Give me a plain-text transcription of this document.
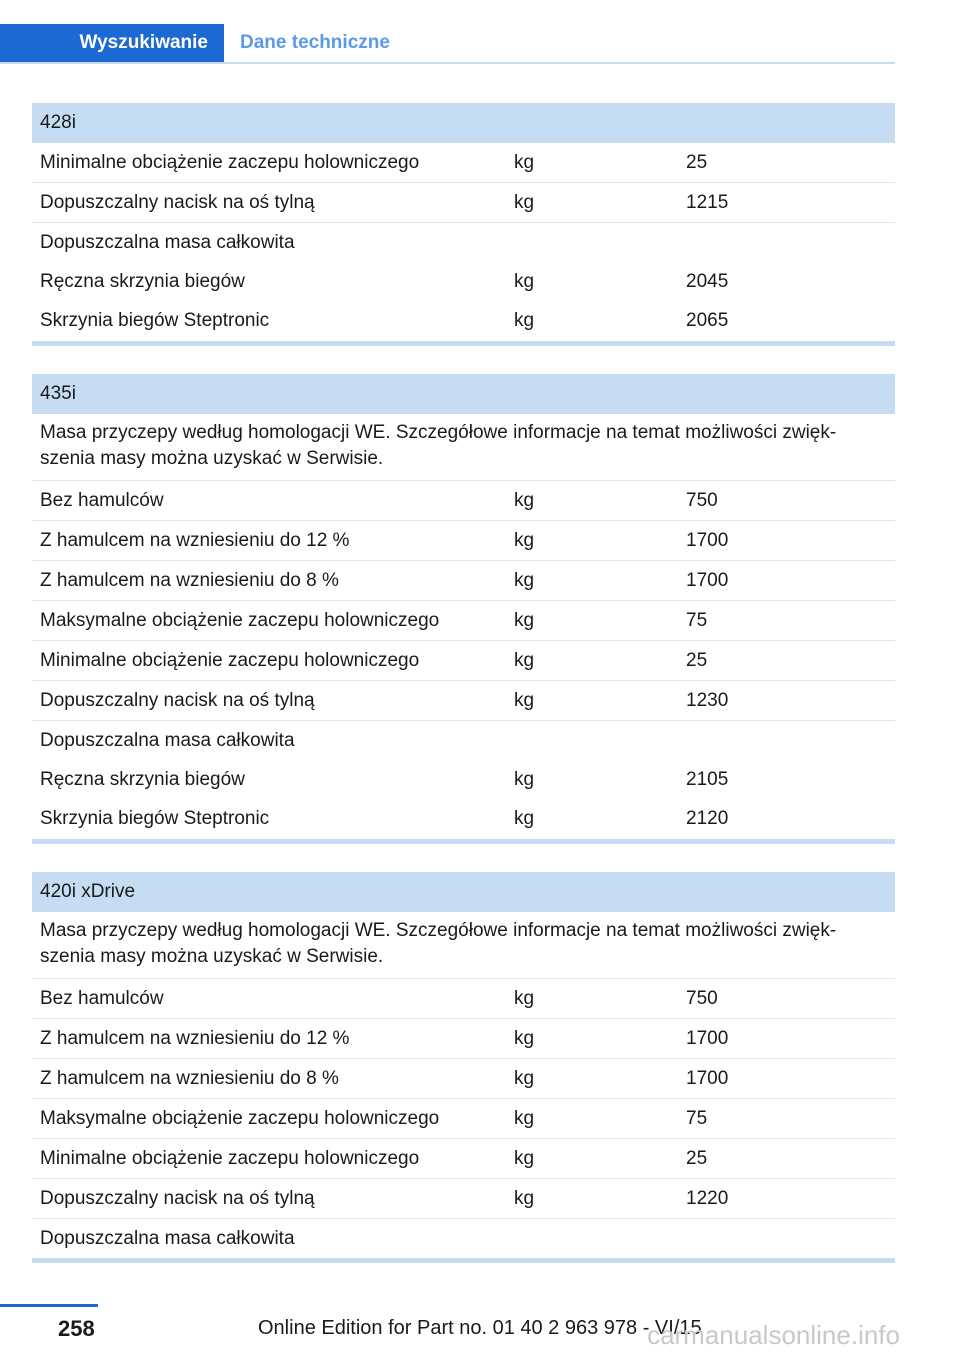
Wyszukiwanie	Dane techniczne
428i
Minimalne obciążenie zaczepu holowniczego	kg	25
Dopuszczalny nacisk na oś tylną	kg	1215
Dopuszczalna masa całkowita
Ręczna skrzynia biegów	kg	2045
Skrzynia biegów Steptronic	kg	2065
435i
Masa przyczepy według homologacji WE. Szczegółowe informacje na temat możliwości zwięk-szenia masy można uzyskać w Serwisie.
Bez hamulców	kg	750
Z hamulcem na wzniesieniu do 12 %	kg	1700
Z hamulcem na wzniesieniu do 8 %	kg	1700
Maksymalne obciążenie zaczepu holowniczego	kg	75
Minimalne obciążenie zaczepu holowniczego	kg	25
Dopuszczalny nacisk na oś tylną	kg	1230
Dopuszczalna masa całkowita
Ręczna skrzynia biegów	kg	2105
Skrzynia biegów Steptronic	kg	2120
420i xDrive
Masa przyczepy według homologacji WE. Szczegółowe informacje na temat możliwości zwięk-szenia masy można uzyskać w Serwisie.
Bez hamulców	kg	750
Z hamulcem na wzniesieniu do 12 %	kg	1700
Z hamulcem na wzniesieniu do 8 %	kg	1700
Maksymalne obciążenie zaczepu holowniczego	kg	75
Minimalne obciążenie zaczepu holowniczego	kg	25
Dopuszczalny nacisk na oś tylną	kg	1220
Dopuszczalna masa całkowita
258	Online Edition for Part no. 01 40 2 963 978 - VI/15
carmanualsonline.info
